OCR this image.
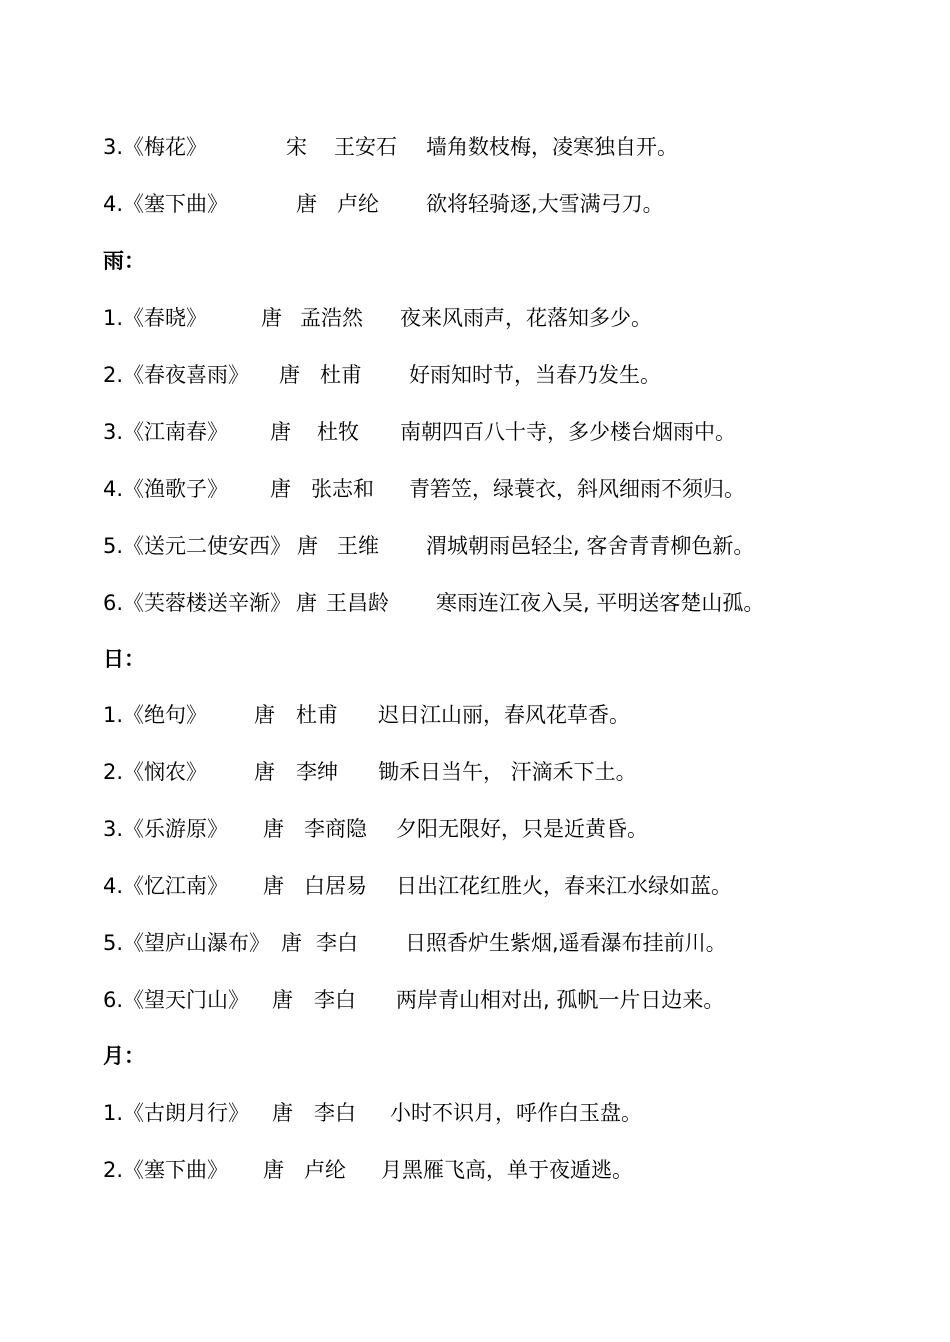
3.《梅花》	宋 王安石 墙角数枝梅，凌寒独自开。
4.《塞下曲》	唐 卢纶 欲将轻骑逐,大雪满弓刀。
雨：
1.《春晓》	唐 孟浩然 夜来风雨声，花落知多少。
2.《春夜喜雨》 唐 杜甫 好雨知时节，当春乃发生。
3.《江南春》 唐 杜牧 南朝四百八十寺，多少楼台烟雨中。
4.《渔歌子》 唐 张志和 青箬笠，绿蓑衣，斜风细雨不须归。
5.《送元二使安西》 唐 王维 渭城朝雨邑轻尘, 客舍青青柳色新。
6.《芙蓉楼送辛渐》 唐 王昌龄 寒雨连江夜入吴, 平明送客楚山孤。
日：
1.《绝句》 唐 杜甫 迟日江山丽，春风花草香。
2.《悯农》 唐 李绅 锄禾日当午， 汗滴禾下土。
3.《乐游原》 唐 李商隐 夕阳无限好，只是近黄昏。
4.《忆江南》 唐 白居易 日出江花红胜火，春来江水绿如蓝。
5.《望庐山瀑布》 唐 李白 日照香炉生紫烟,遥看瀑布挂前川。
6.《望天门山》 唐 李白 两岸青山相对出, 孤帆一片日边来。
月：
1.《古朗月行》 唐 李白 小时不识月，呼作白玉盘。
2.《塞下曲》 唐 卢纶 月黑雁飞高，单于夜遁逃。
